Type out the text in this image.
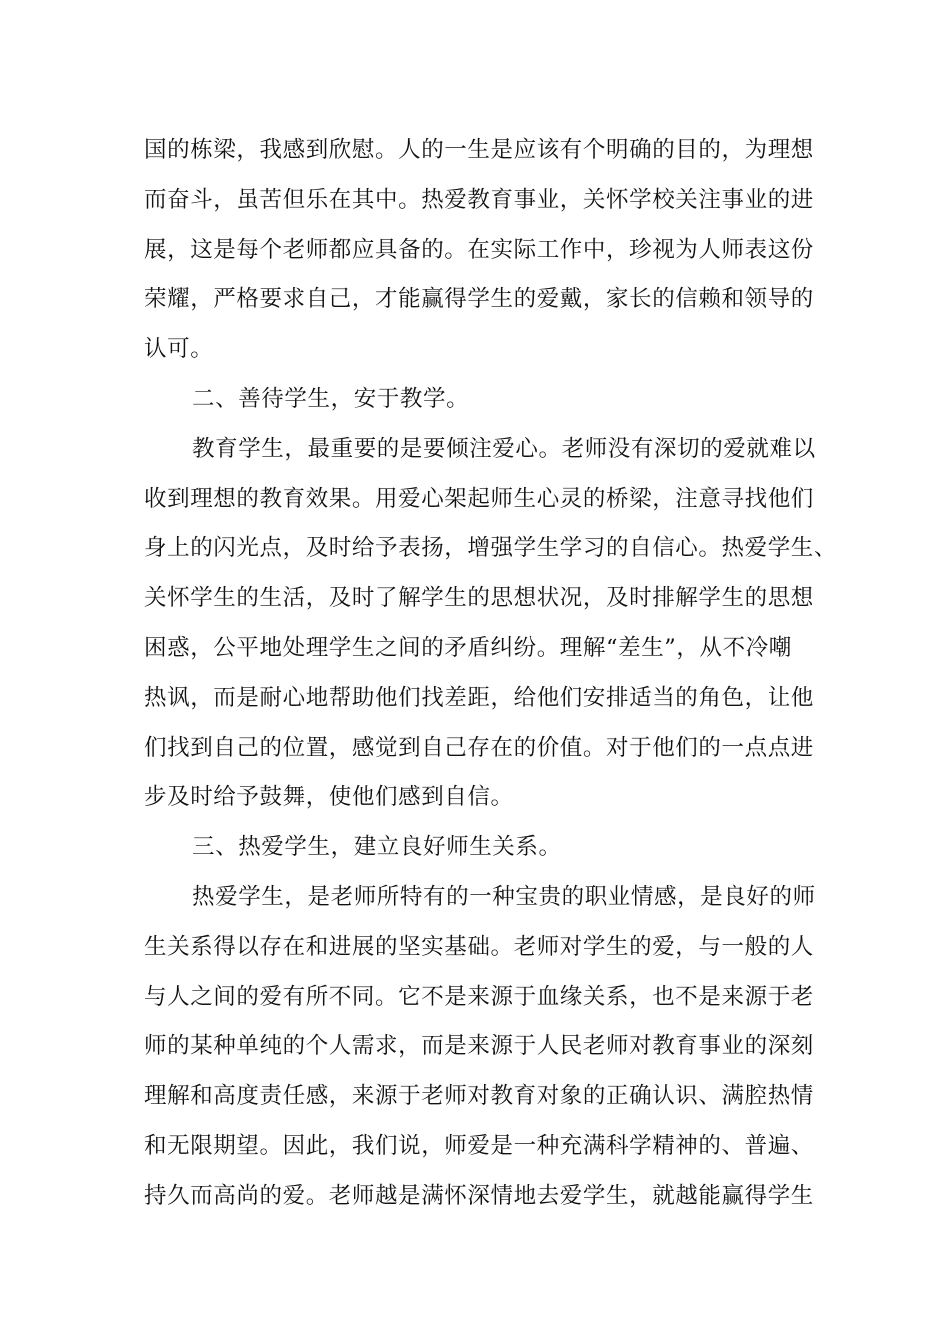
国的栋梁，我感到欣慰。人的一生是应该有个明确的目的，为理想
而奋斗，虽苦但乐在其中。热爱教育事业，关怀学校关注事业的进
展，这是每个老师都应具备的。在实际工作中，珍视为人师表这份
荣耀，严格要求自己，才能赢得学生的爱戴，家长的信赖和领导的
认可。
二、善待学生，安于教学。
教育学生，最重要的是要倾注爱心。老师没有深切的爱就难以
收到理想的教育效果。用爱心架起师生心灵的桥梁，注意寻找他们
身上的闪光点，及时给予表扬，增强学生学习的自信心。热爱学生、
关怀学生的生活，及时了解学生的思想状况，及时排解学生的思想
困惑，公平地处理学生之间的矛盾纠纷。理解“差生”，从不冷嘲
热讽，而是耐心地帮助他们找差距，给他们安排适当的角色，让他
们找到自己的位置，感觉到自己存在的价值。对于他们的一点点进
步及时给予鼓舞，使他们感到自信。
三、热爱学生，建立良好师生关系。
热爱学生，是老师所特有的一种宝贵的职业情感，是良好的师
生关系得以存在和进展的坚实基础。老师对学生的爱，与一般的人
与人之间的爱有所不同。它不是来源于血缘关系，也不是来源于老
师的某种单纯的个人需求，而是来源于人民老师对教育事业的深刻
理解和高度责任感，来源于老师对教育对象的正确认识、满腔热情
和无限期望。因此，我们说，师爱是一种充满科学精神的、普遍、
持久而高尚的爱。老师越是满怀深情地去爱学生，就越能赢得学生
